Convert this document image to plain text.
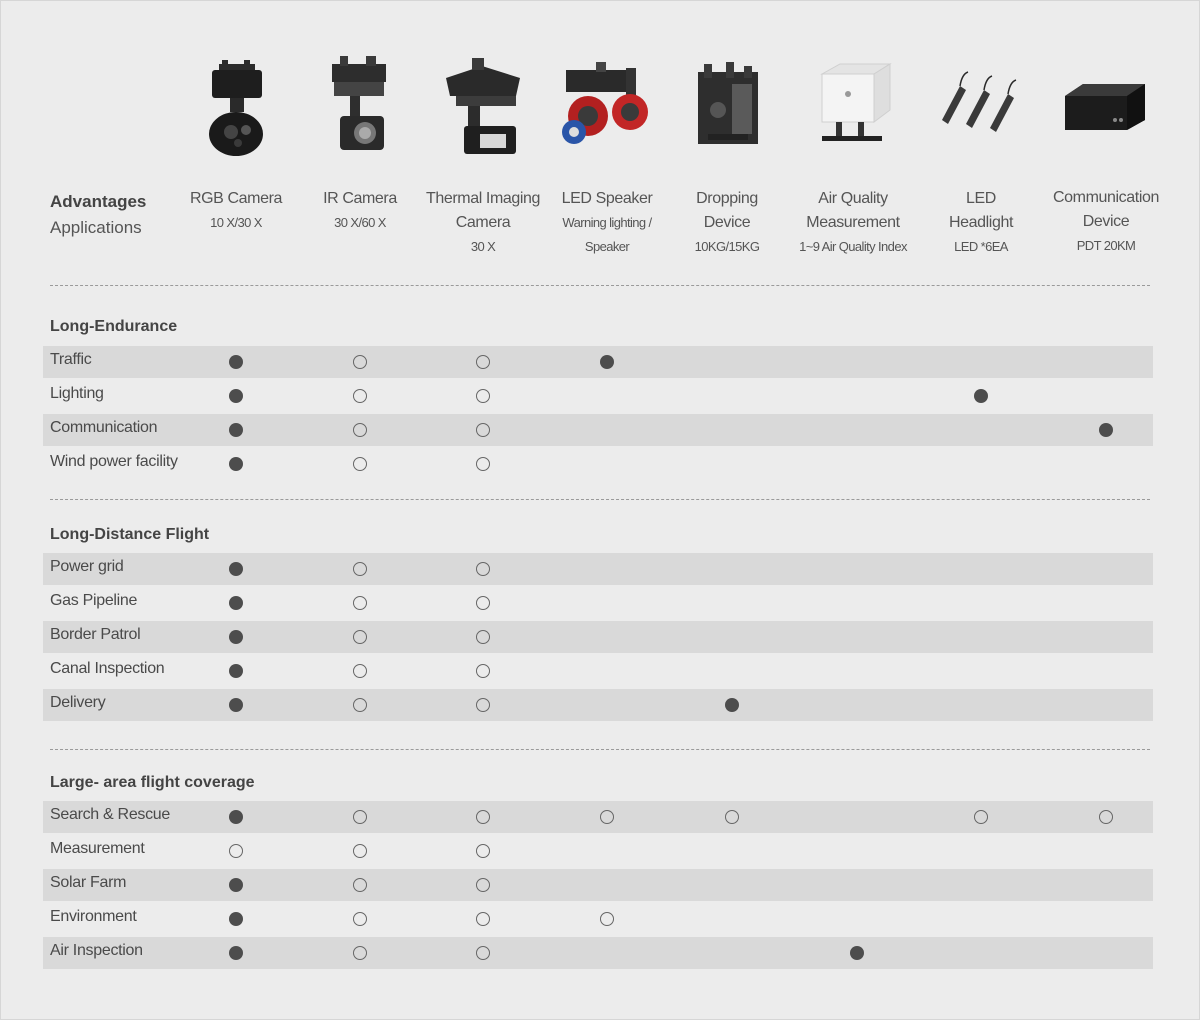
Advantages
Applications
RGB Camera
10 X/30 X
IR Camera
30 X/60 X
Thermal Imaging
Camera
30 X
LED Speaker
Warning lighting /
Speaker
Dropping
Device
10KG/15KG
Air Quality
Measurement
1~9 Air Quality Index
LED
Headlight
LED *6EA
Communication
Device
PDT 20KM
Long-Endurance
Traffic
Lighting
Communication
Wind power facility
Long-Distance Flight
Power grid
Gas Pipeline
Border Patrol
Canal Inspection
Delivery
Large- area flight coverage
Search & Rescue
Measurement
Solar Farm
Environment
Air Inspection
